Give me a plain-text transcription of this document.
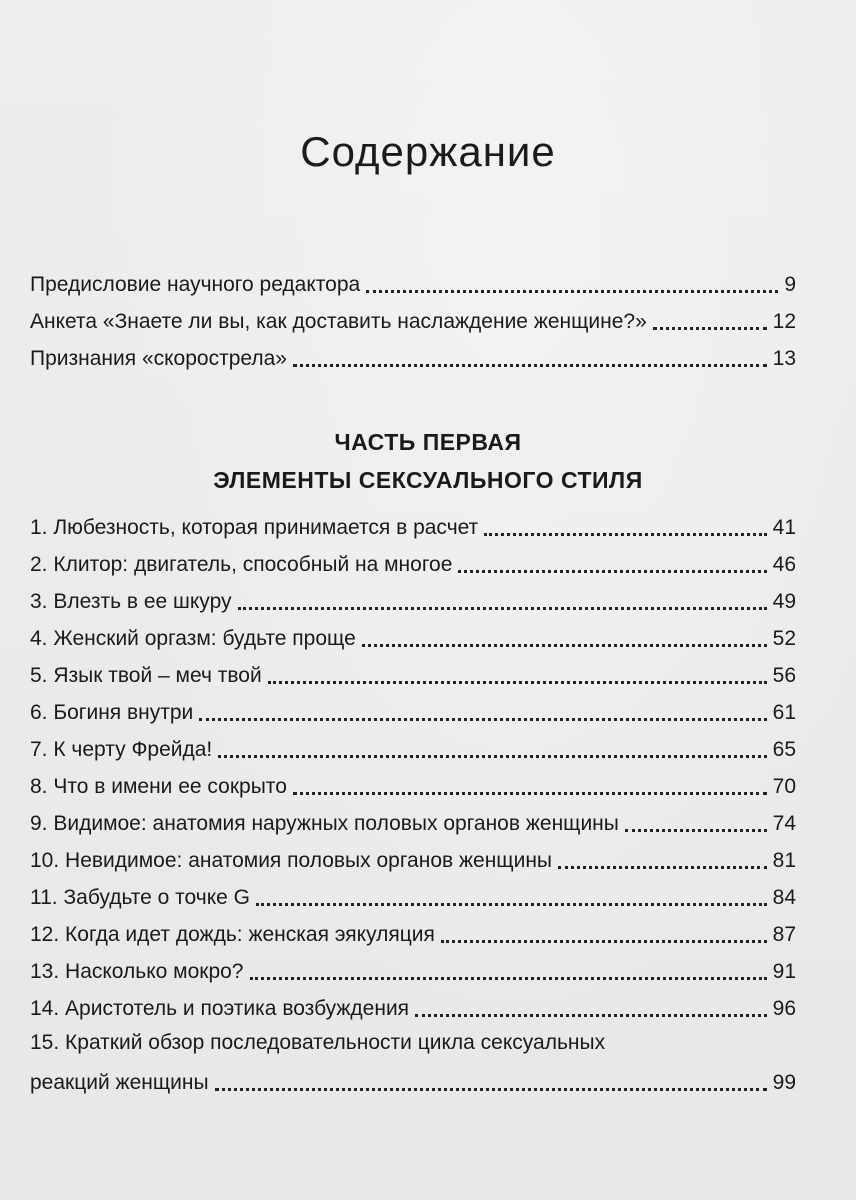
Содержание
Предисловие научного редактора	9
Анкета «Знаете ли вы, как доставить наслаждение женщине?»	12
Признания «скорострела»	13
ЧАСТЬ ПЕРВАЯ
ЭЛЕМЕНТЫ СЕКСУАЛЬНОГО СТИЛЯ
1. Любезность, которая принимается в расчет	41
2. Клитор: двигатель, способный на многое	46
3. Влезть в ее шкуру	49
4. Женский оргазм: будьте проще	52
5. Язык твой – меч твой	56
6. Богиня внутри	61
7. К черту Фрейда!	65
8. Что в имени ее сокрыто	70
9. Видимое: анатомия наружных половых органов женщины	74
10. Невидимое: анатомия половых органов женщины	81
11. Забудьте о точке G	84
12. Когда идет дождь: женская эякуляция	87
13. Насколько мокро?	91
14. Аристотель и поэтика возбуждения	96
15. Краткий обзор последовательности цикла сексуальных
реакций женщины	99
